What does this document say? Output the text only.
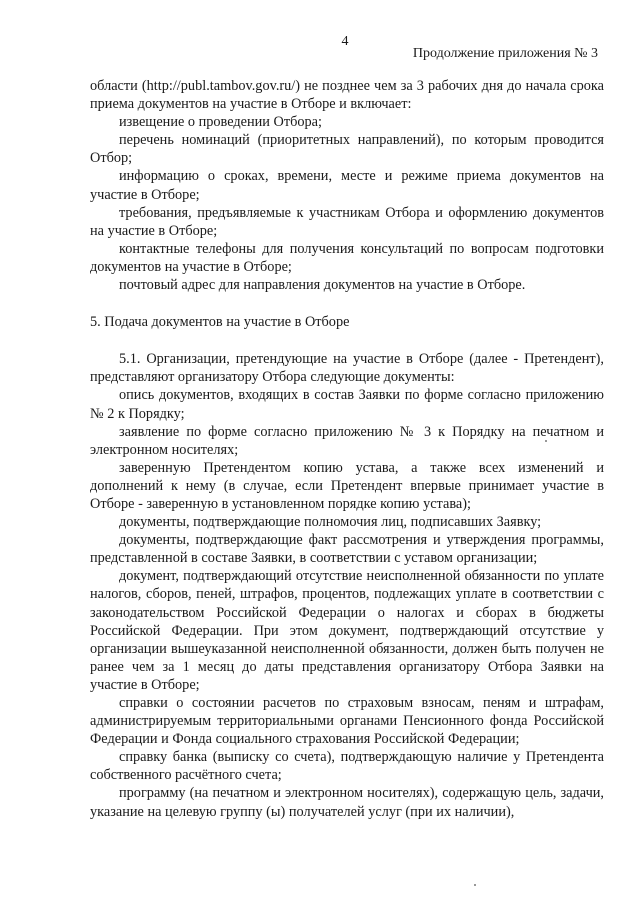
4
Продолжение приложения № 3

области (http://publ.tambov.gov.ru/) не позднее чем за 3 рабочих дня до начала срока приема документов на участие в Отборе и включает:

извещение о проведении Отбора;

перечень номинаций (приоритетных направлений), по которым проводится Отбор;

информацию о сроках, времени, месте и режиме приема документов на участие в Отборе;

требования, предъявляемые к участникам Отбора и оформлению документов на участие в Отборе;

контактные телефоны для получения консультаций по вопросам подготовки документов на участие в Отборе;

почтовый адрес для направления документов на участие в Отборе.

5. Подача документов на участие в Отборе

5.1. Организации, претендующие на участие в Отборе (далее - Претендент), представляют организатору Отбора следующие документы:

опись документов, входящих в состав Заявки по форме согласно приложению № 2 к Порядку;

заявление по форме согласно приложению № 3 к Порядку на печатном и электронном носителях;

заверенную Претендентом копию устава, а также всех изменений и дополнений к нему (в случае, если Претендент впервые принимает участие в Отборе - заверенную в установленном порядке копию устава);

документы, подтверждающие полномочия лиц, подписавших Заявку;

документы, подтверждающие факт рассмотрения и утверждения программы, представленной в составе Заявки, в соответствии с уставом организации;

документ, подтверждающий отсутствие неисполненной обязанности по уплате налогов, сборов, пеней, штрафов, процентов, подлежащих уплате в соответствии с законодательством Российской Федерации о налогах и сборах в бюджеты Российской Федерации. При этом документ, подтверждающий отсутствие у организации вышеуказанной неисполненной обязанности, должен быть получен не ранее чем за 1 месяц до даты представления организатору Отбора Заявки на участие в Отборе;

справки о состоянии расчетов по страховым взносам, пеням и штрафам, администрируемым территориальными органами Пенсионного фонда Российской Федерации и Фонда социального страхования Российской Федерации;

справку банка (выписку со счета), подтверждающую наличие у Претендента собственного расчётного счета;

программу (на печатном и электронном носителях), содержащую цель, задачи, указание на целевую группу (ы) получателей услуг (при их наличии),
